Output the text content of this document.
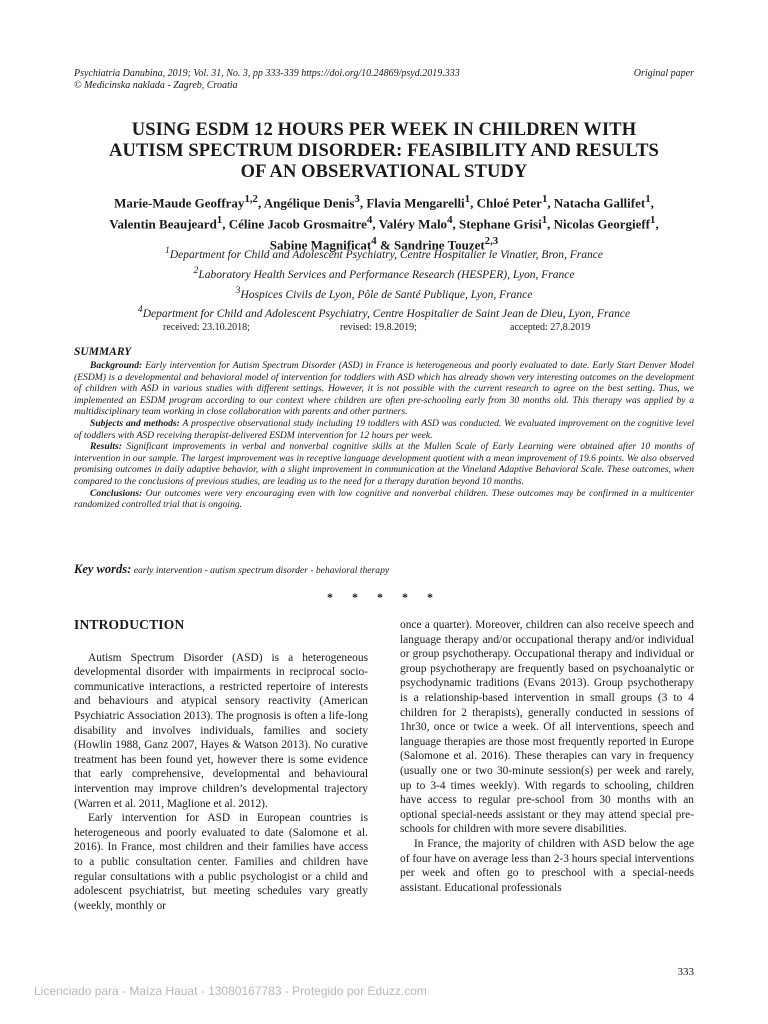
Psychiatria Danubina, 2019; Vol. 31, No. 3, pp 333-339 https://doi.org/10.24869/psyd.2019.333
© Medicinska naklada - Zagreb, Croatia
Original paper
USING ESDM 12 HOURS PER WEEK IN CHILDREN WITH
AUTISM SPECTRUM DISORDER: FEASIBILITY AND RESULTS
OF AN OBSERVATIONAL STUDY
Marie-Maude Geoffray$^{1,2}$, Angélique Denis$^3$, Flavia Mengarelli$^1$, Chloé Peter$^1$, Natacha Gallifet$^1$,
Valentin Beaujeard$^1$, Céline Jacob Grosmaitre$^4$, Valéry Malo$^4$, Stephane Grisi$^1$, Nicolas Georgieff$^1$,
Sabine Magnificat$^4$ & Sandrine Touzet$^{2,3}$
$^1$Department for Child and Adolescent Psychiatry, Centre Hospitalier le Vinatier, Bron, France
$^2$Laboratory Health Services and Performance Research (HESPER), Lyon, France
$^3$Hospices Civils de Lyon, Pôle de Santé Publique, Lyon, France
$^4$Department for Child and Adolescent Psychiatry, Centre Hospitalier de Saint Jean de Dieu, Lyon, France
received: 23.10.2018;	revised: 19.8.2019;	accepted: 27.8.2019
SUMMARY

Background: Early intervention for Autism Spectrum Disorder (ASD) in France is heterogeneous and poorly evaluated to date. Early Start Denver Model (ESDM) is a developmental and behavioral model of intervention for toddlers with ASD which has already shown very interesting outcomes on the development of children with ASD in various studies with different settings. However, it is not possible with the current research to agree on the best setting. Thus, we implemented an ESDM program according to our context where children are often pre-schooling early from 30 months old. This therapy was applied by a multidisciplinary team working in close collaboration with parents and other partners.

Subjects and methods: A prospective observational study including 19 toddlers with ASD was conducted. We evaluated improvement on the cognitive level of toddlers with ASD receiving therapist-delivered ESDM intervention for 12 hours per week.

Results: Significant improvements in verbal and nonverbal cognitive skills at the Mullen Scale of Early Learning were obtained after 10 months of intervention in our sample. The largest improvement was in receptive language development quotient with a mean improvement of 19.6 points. We also observed promising outcomes in daily adaptive behavior, with a slight improvement in communication at the Vineland Adaptive Behavioral Scale. These outcomes, when compared to the conclusions of previous studies, are leading us to the need for a therapy duration beyond 10 months.

Conclusions: Our outcomes were very encouraging even with low cognitive and nonverbal children. These outcomes may be confirmed in a multicenter randomized controlled trial that is ongoing.

Key words: early intervention - autism spectrum disorder - behavioral therapy
* * * * *
INTRODUCTION

Autism Spectrum Disorder (ASD) is a heterogeneous developmental disorder with impairments in reciprocal socio-communicative interactions, a restricted repertoire of interests and behaviours and atypical sensory reactivity (American Psychiatric Association 2013). The prognosis is often a life-long disability and involves individuals, families and society (Howlin 1988, Ganz 2007, Hayes & Watson 2013). No curative treatment has been found yet, however there is some evidence that early comprehensive, developmental and behavioural intervention may improve children’s developmental trajectory (Warren et al. 2011, Maglione et al. 2012).

Early intervention for ASD in European countries is heterogeneous and poorly evaluated to date (Salomone et al. 2016). In France, most children and their families have access to a public consultation center. Families and children have regular consultations with a public psychologist or a child and adolescent psychiatrist, but meeting schedules vary greatly (weekly, monthly or

once a quarter). Moreover, children can also receive speech and language therapy and/or occupational therapy and/or individual or group psychotherapy. Occupational therapy and individual or group psychotherapy are frequently based on psychoanalytic or psychodynamic traditions (Evans 2013). Group psychotherapy is a relationship-based intervention in small groups (3 to 4 children for 2 therapists), generally conducted in sessions of 1hr30, once or twice a week. Of all interventions, speech and language therapies are those most frequently reported in Europe (Salomone et al. 2016). These therapies can vary in frequency (usually one or two 30-minute session(s) per week and rarely, up to 3-4 times weekly). With regards to schooling, children have access to regular pre-school from 30 months with an optional special-needs assistant or they may attend special pre-schools for children with more severe disabilities.

In France, the majority of children with ASD below the age of four have on average less than 2-3 hours special interventions per week and often go to preschool with a special-needs assistant. Educational professionals

333
Licenciado para - Maíza Hauat - 13080167783 - Protegido por Eduzz.com
